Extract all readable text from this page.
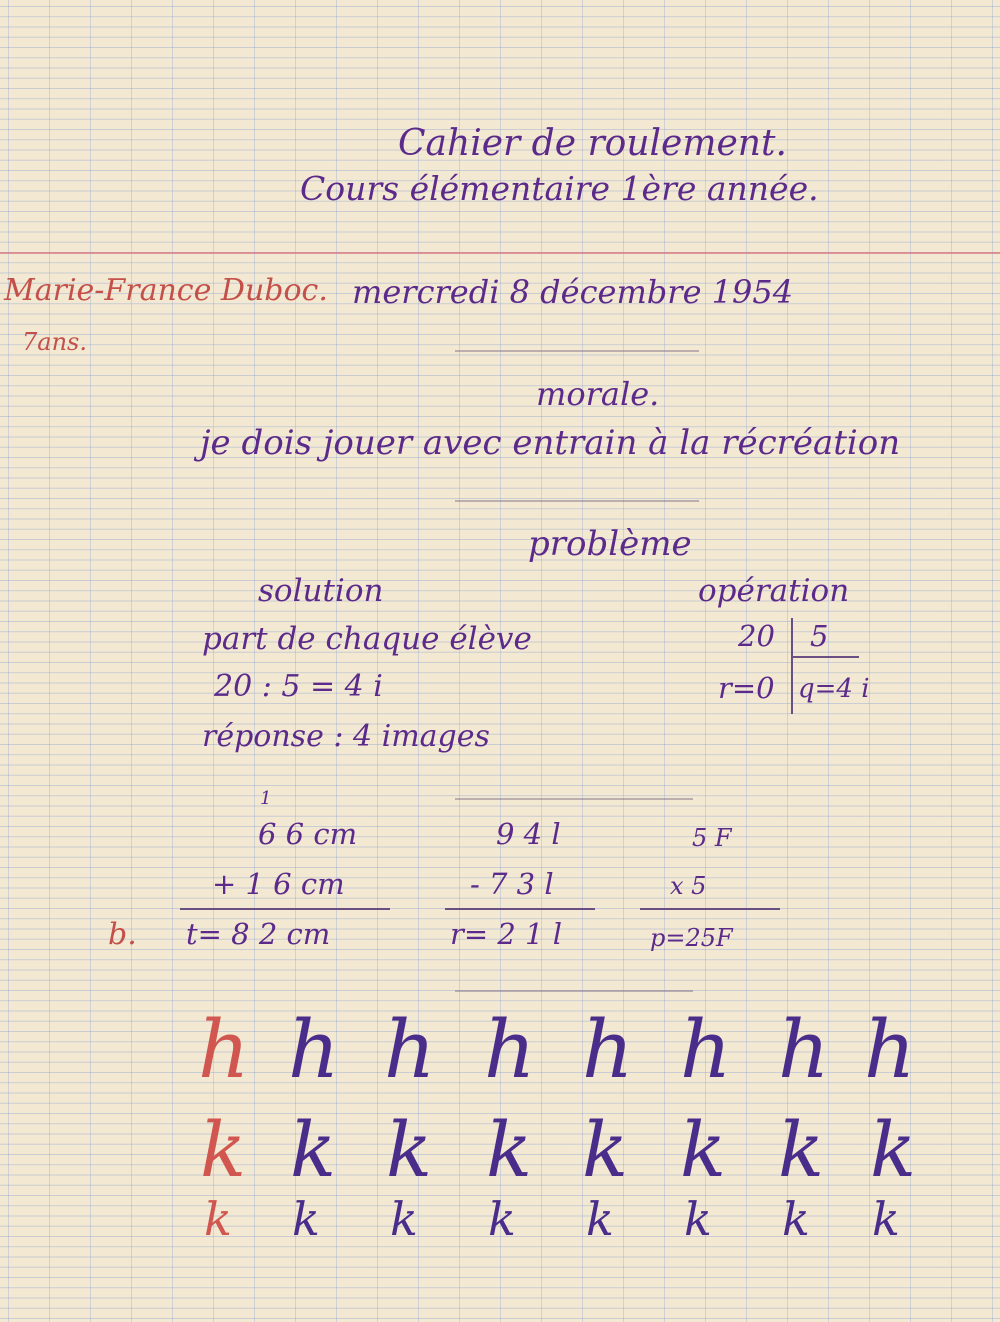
Cahier de roulement.
Cours élémentaire 1ère année.
Marie-France Duboc. mercredi 8 décembre 1954
7ans.
morale.
je dois jouer avec entrain à la récréation
problème
solution	opération
part de chaque élève
20 : 5 = 4 i
réponse : 4 images
20 5
r=0 q=4 i
1
6 6 cm
+ 1 6 cm
t= 8 2 cm
9 4 l
- 7 3 l
r= 2 1 l
5 F
x 5
p=25F
b.
h h h h h h h h
k k k k k k k k
k k k k k k k k
